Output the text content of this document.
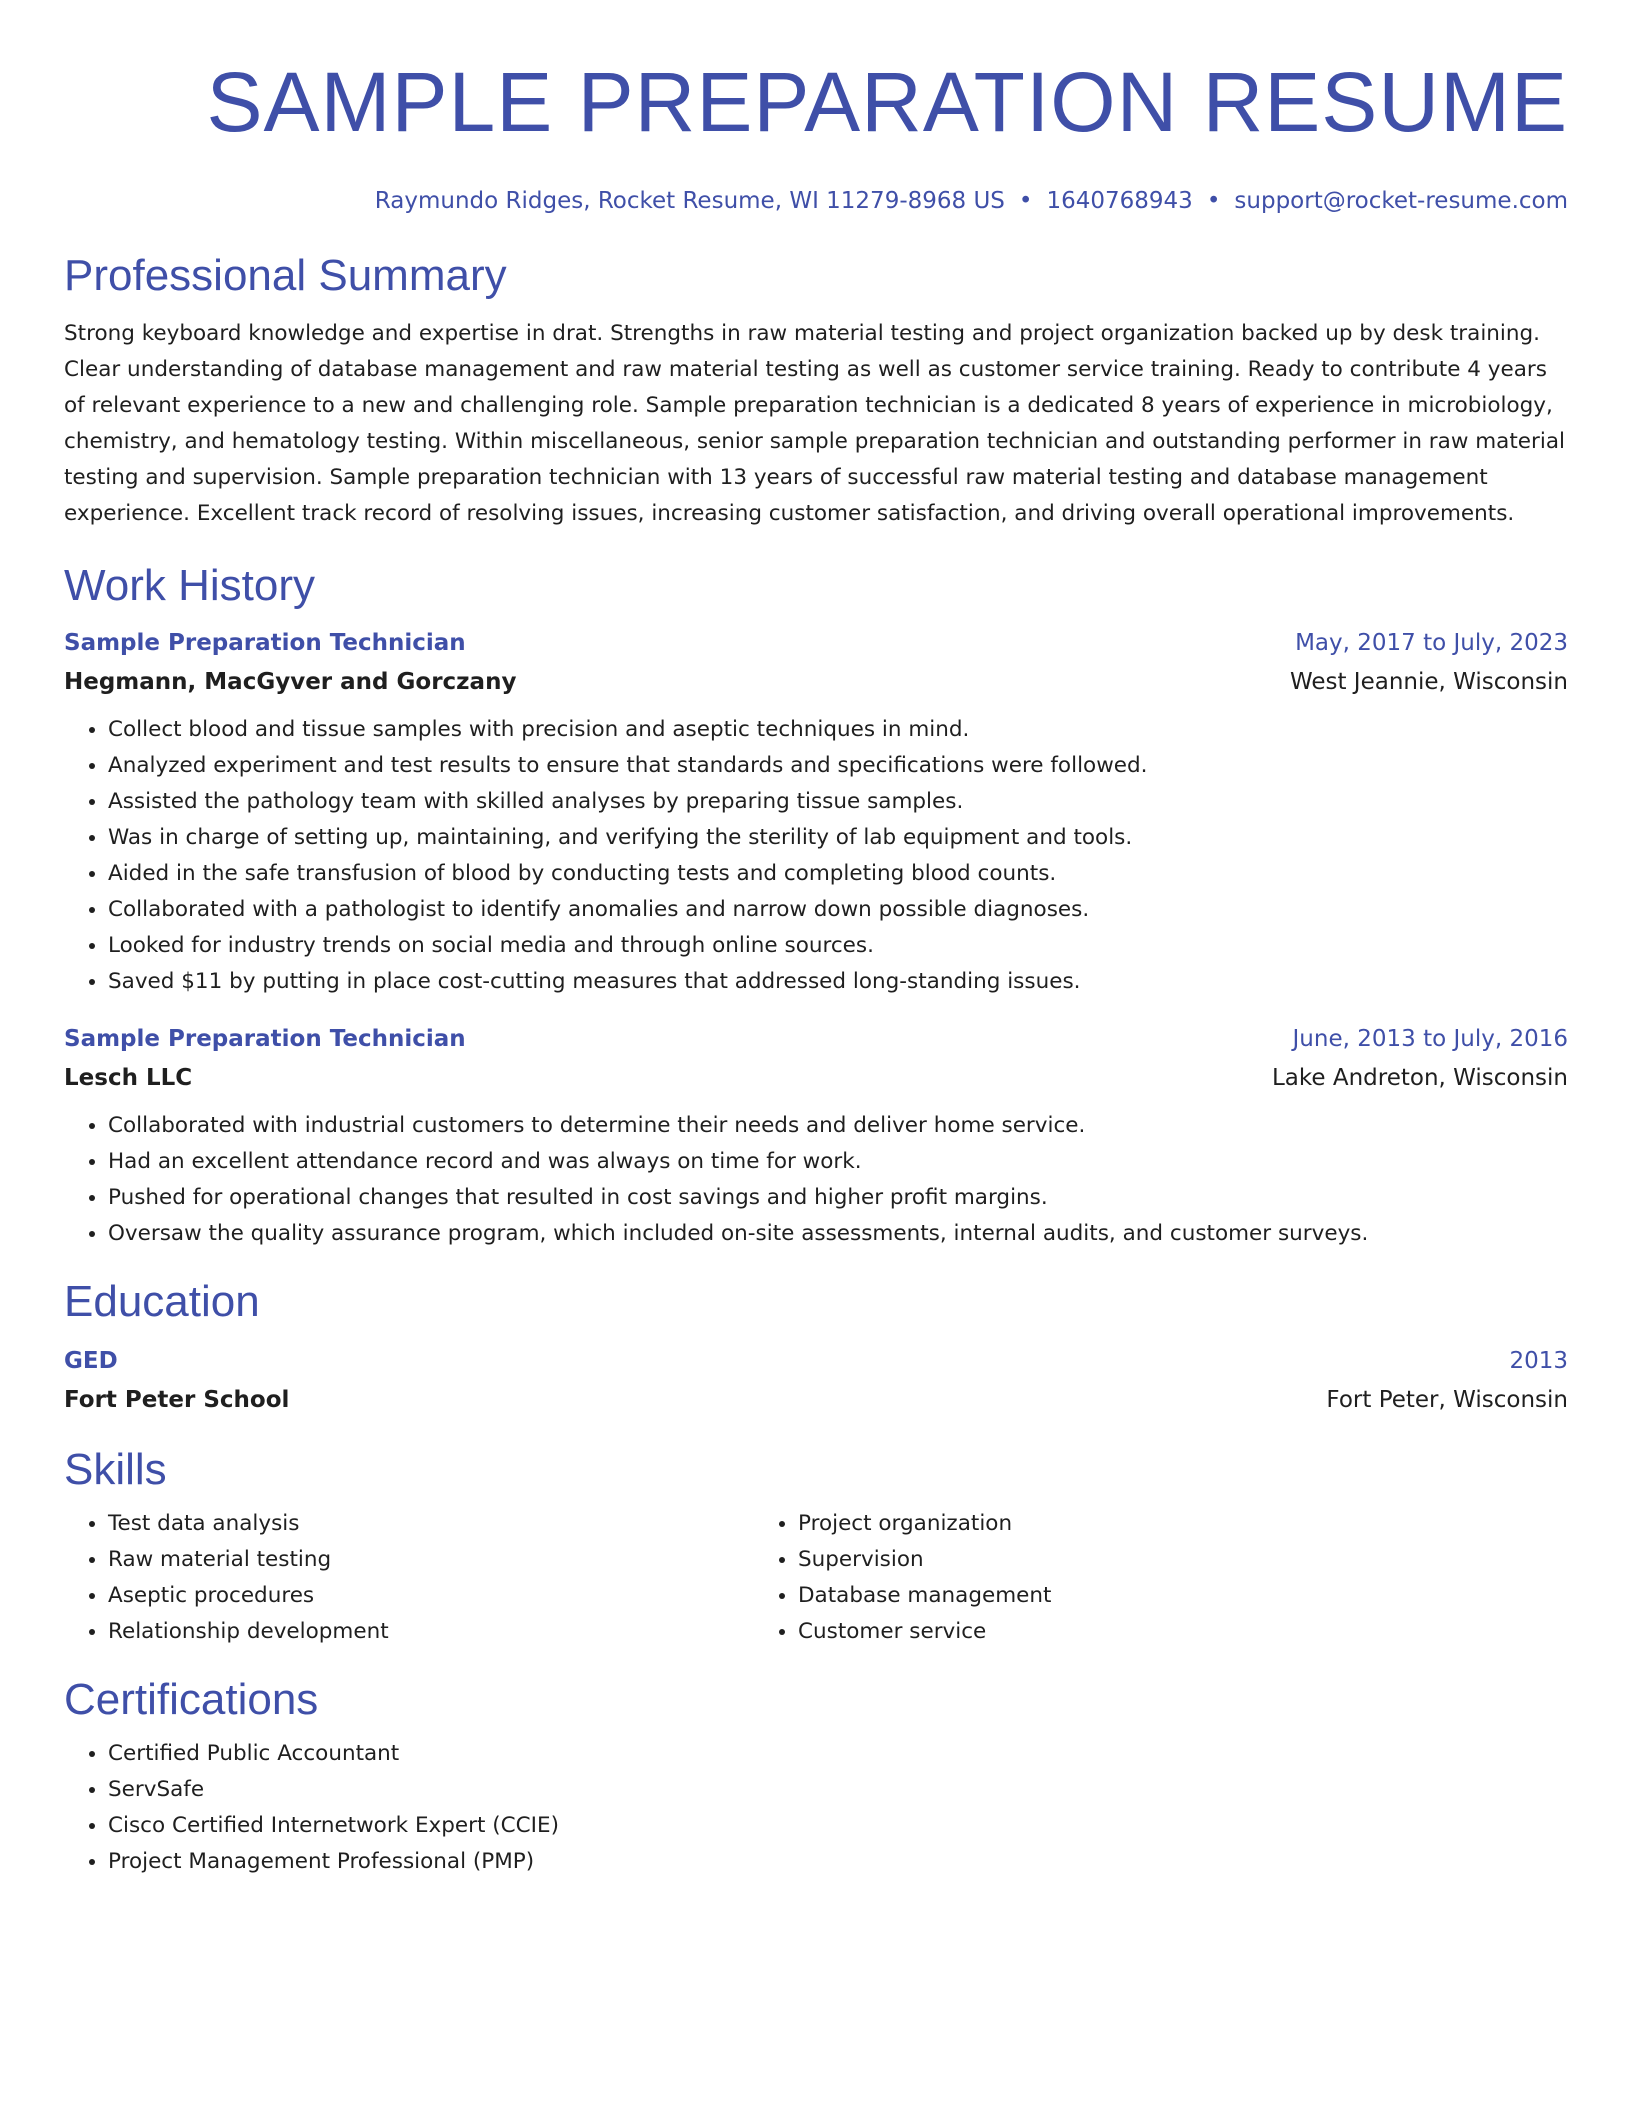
SAMPLE PREPARATION RESUME
Raymundo Ridges, Rocket Resume, WI 11279-8968 US • 1640768943 • support@rocket-resume.com
Professional Summary
Strong keyboard knowledge and expertise in drat. Strengths in raw material testing and project organization backed up by desk training. Clear understanding of database management and raw material testing as well as customer service training. Ready to contribute 4 years of relevant experience to a new and challenging role. Sample preparation technician is a dedicated 8 years of experience in microbiology, chemistry, and hematology testing. Within miscellaneous, senior sample preparation technician and outstanding performer in raw material testing and supervision. Sample preparation technician with 13 years of successful raw material testing and database management experience. Excellent track record of resolving issues, increasing customer satisfaction, and driving overall operational improvements.
Work History
Sample Preparation Technician	May, 2017 to July, 2023
Hegmann, MacGyver and Gorczany	West Jeannie, Wisconsin
• Collect blood and tissue samples with precision and aseptic techniques in mind.
• Analyzed experiment and test results to ensure that standards and specifications were followed.
• Assisted the pathology team with skilled analyses by preparing tissue samples.
• Was in charge of setting up, maintaining, and verifying the sterility of lab equipment and tools.
• Aided in the safe transfusion of blood by conducting tests and completing blood counts.
• Collaborated with a pathologist to identify anomalies and narrow down possible diagnoses.
• Looked for industry trends on social media and through online sources.
• Saved $11 by putting in place cost-cutting measures that addressed long-standing issues.
Sample Preparation Technician	June, 2013 to July, 2016
Lesch LLC	Lake Andreton, Wisconsin
• Collaborated with industrial customers to determine their needs and deliver home service.
• Had an excellent attendance record and was always on time for work.
• Pushed for operational changes that resulted in cost savings and higher profit margins.
• Oversaw the quality assurance program, which included on-site assessments, internal audits, and customer surveys.
Education
GED	2013
Fort Peter School	Fort Peter, Wisconsin
Skills
• Test data analysis
• Raw material testing
• Aseptic procedures
• Relationship development
• Project organization
• Supervision
• Database management
• Customer service
Certifications
• Certified Public Accountant
• ServSafe
• Cisco Certified Internetwork Expert (CCIE)
• Project Management Professional (PMP)
